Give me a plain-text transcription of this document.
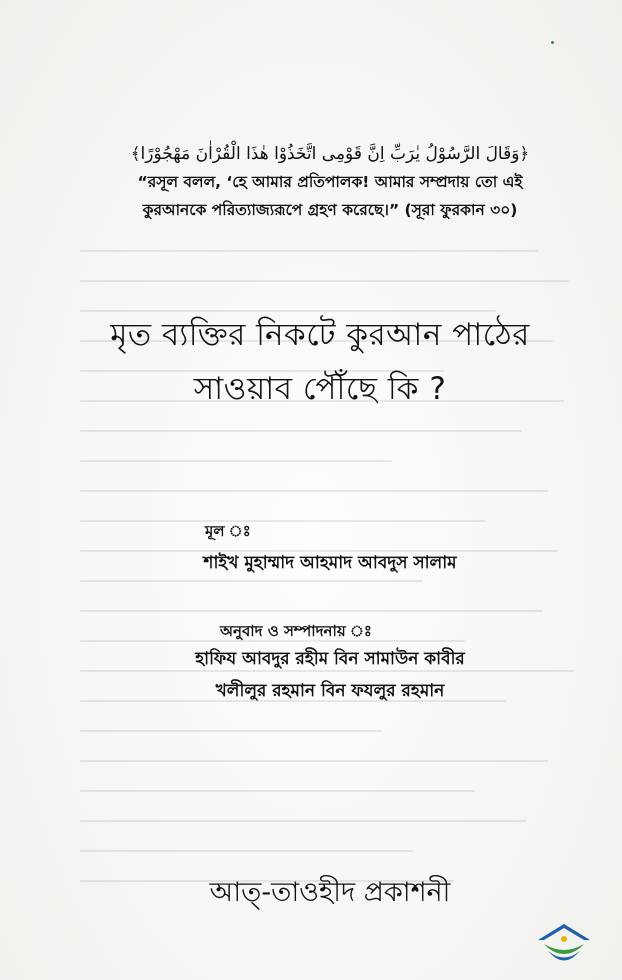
﴿وَقَالَ الرَّسُوْلُ يٰرَبِّ اِنَّ قَوْمِى اتَّخَذُوْا هٰذَا الْقُرْاٰنَ مَهْجُوْرًا﴾
“রসূল বলল, ‘হে আমার প্রতিপালক! আমার সম্প্রদায় তো এই
কুরআনকে পরিত্যাজ্যরূপে গ্রহণ করেছে।” (সূরা ফুরকান ৩০)
মৃত ব্যক্তির নিকটে কুরআন পাঠের
সাওয়াব পৌঁছে কি ?
মূল ঃ
শাইখ মুহাম্মাদ আহমাদ আবদুস সালাম
অনুবাদ ও সম্পাদনায় ঃ
হাফিয আবদুর রহীম বিন সামাউন কাবীর
খলীলুর রহমান বিন ফযলুর রহমান
আত্-তাওহীদ প্রকাশনী
